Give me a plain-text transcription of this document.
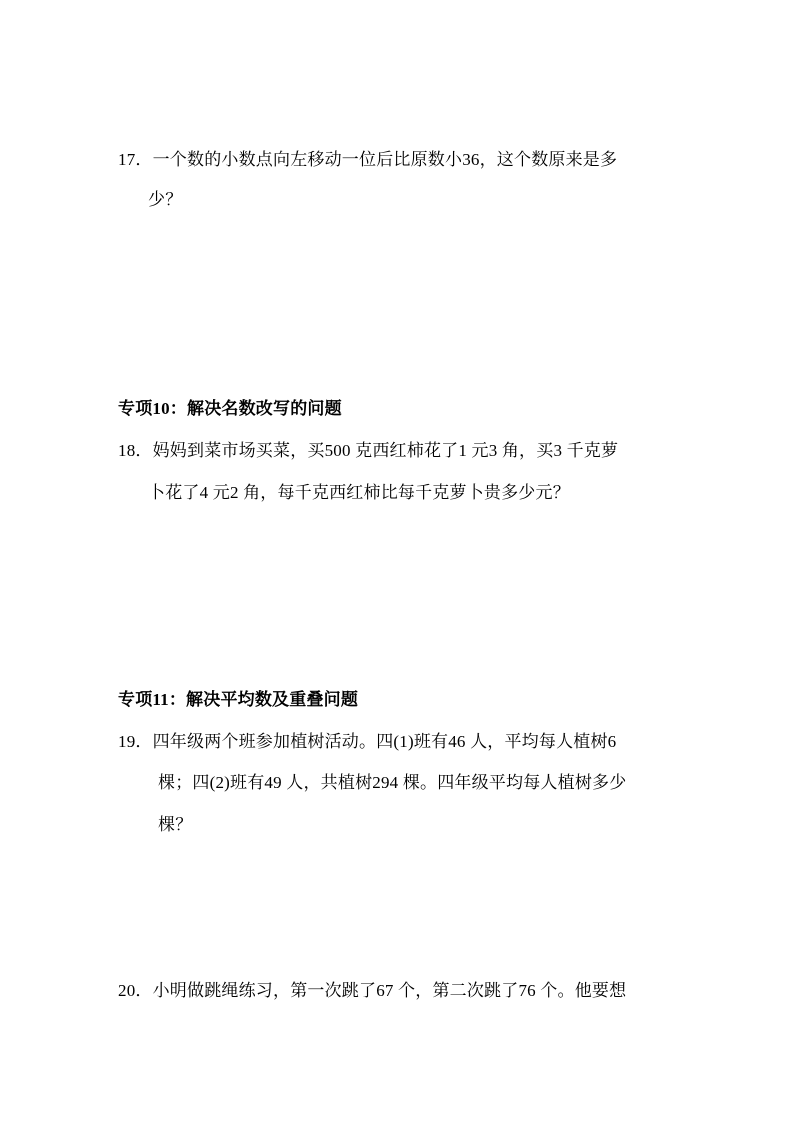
17．一个数的小数点向左移动一位后比原数小36，这个数原来是多
少？
专项10：解决名数改写的问题
18．妈妈到菜市场买菜，买500 克西红柿花了1 元3 角，买3 千克萝
卜花了4 元2 角，每千克西红柿比每千克萝卜贵多少元？
专项11：解决平均数及重叠问题
19．四年级两个班参加植树活动。四(1)班有46 人，平均每人植树6
棵；四(2)班有49 人，共植树294 棵。四年级平均每人植树多少
棵？
20．小明做跳绳练习，第一次跳了67 个，第二次跳了76 个。他要想
